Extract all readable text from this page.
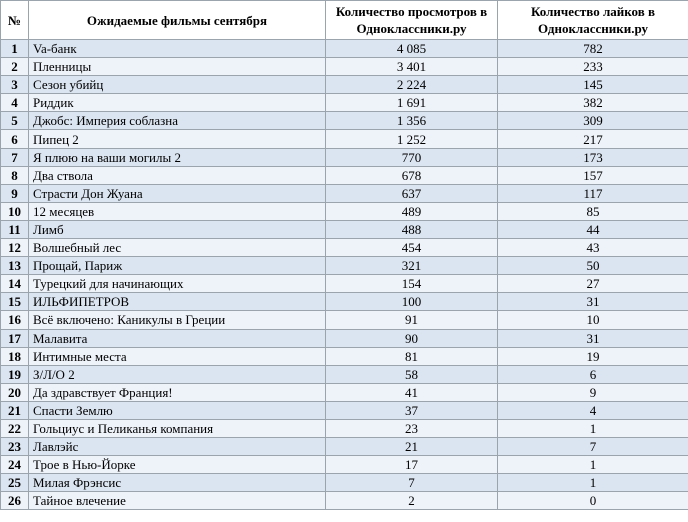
№	Ожидаемые фильмы сентября	Количество просмотров в Одноклассники.ру	Количество лайков в Одноклассники.ру
1	Va-банк	4 085	782
2	Пленницы	3 401	233
3	Сезон убийц	2 224	145
4	Риддик	1 691	382
5	Джобс: Империя соблазна	1 356	309
6	Пипец 2	1 252	217
7	Я плюю на ваши могилы 2	770	173
8	Два ствола	678	157
9	Страсти Дон Жуана	637	117
10	12 месяцев	489	85
11	Лимб	488	44
12	Волшебный лес	454	43
13	Прощай, Париж	321	50
14	Турецкий для начинающих	154	27
15	ИЛЬФИПЕТРОВ	100	31
16	Всё включено: Каникулы в Греции	91	10
17	Малавита	90	31
18	Интимные места	81	19
19	З/Л/О 2	58	6
20	Да здравствует Франция!	41	9
21	Спасти Землю	37	4
22	Гольциус и Пеликанья компания	23	1
23	Лавлэйс	21	7
24	Трое в Нью-Йорке	17	1
25	Милая Фрэнсис	7	1
26	Тайное влечение	2	0
